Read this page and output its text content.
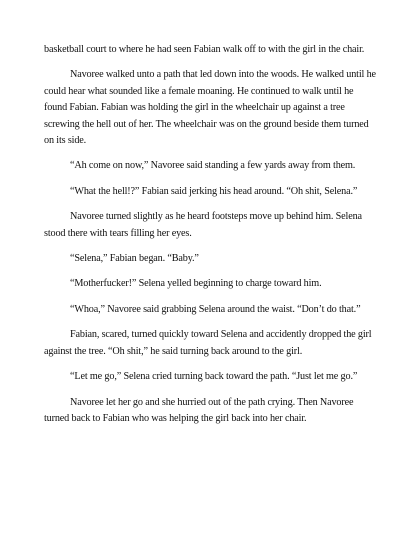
basketball court to where he had seen Fabian walk off to with the girl in the chair.

Navoree walked unto a path that led down into the woods. He walked until he could hear what sounded like a female moaning. He continued to walk until he found Fabian. Fabian was holding the girl in the wheelchair up against a tree screwing the hell out of her. The wheelchair was on the ground beside them turned on its side.

“Ah come on now,” Navoree said standing a few yards away from them.

“What the hell!?” Fabian said jerking his head around. “Oh shit, Selena.”

Navoree turned slightly as he heard footsteps move up behind him. Selena stood there with tears filling her eyes.

“Selena,” Fabian began. “Baby.”

“Motherfucker!” Selena yelled beginning to charge toward him.

“Whoa,” Navoree said grabbing Selena around the waist. “Don’t do that.”

Fabian, scared, turned quickly toward Selena and accidently dropped the girl against the tree. “Oh shit,” he said turning back around to the girl.

“Let me go,” Selena cried turning back toward the path. “Just let me go.”

Navoree let her go and she hurried out of the path crying. Then Navoree turned back to Fabian who was helping the girl back into her chair.
